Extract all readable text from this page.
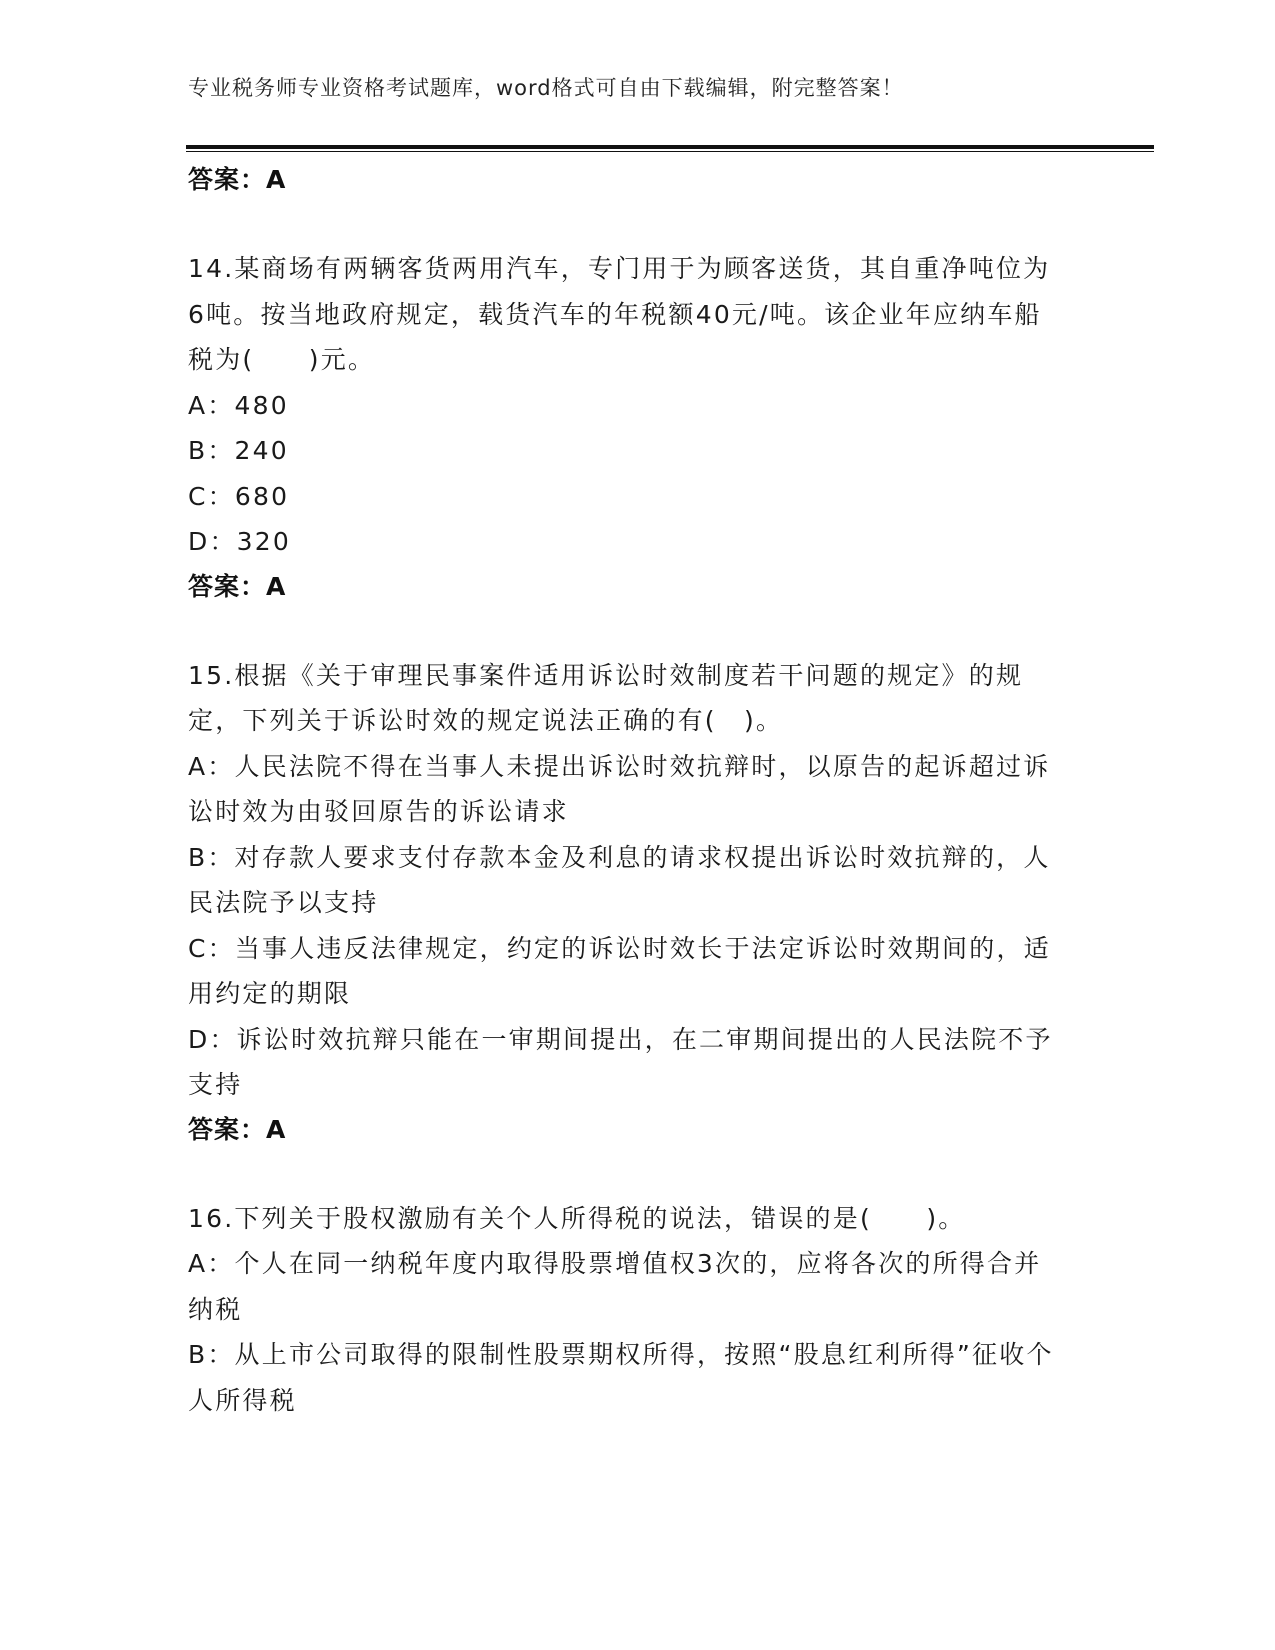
专业税务师专业资格考试题库，word格式可自由下载编辑，附完整答案！
答案：A
14.某商场有两辆客货两用汽车，专门用于为顾客送货，其自重净吨位为6吨。按当地政府规定，载货汽车的年税额40元/吨。该企业年应纳车船税为(　　)元。
A：480
B：240
C：680
D：320
答案：A
15.根据《关于审理民事案件适用诉讼时效制度若干问题的规定》的规定，下列关于诉讼时效的规定说法正确的有(　)。
A：人民法院不得在当事人未提出诉讼时效抗辩时，以原告的起诉超过诉讼时效为由驳回原告的诉讼请求
B：对存款人要求支付存款本金及利息的请求权提出诉讼时效抗辩的，人民法院予以支持
C：当事人违反法律规定，约定的诉讼时效长于法定诉讼时效期间的，适用约定的期限
D：诉讼时效抗辩只能在一审期间提出，在二审期间提出的人民法院不予支持
答案：A
16.下列关于股权激励有关个人所得税的说法，错误的是(　　)。
A：个人在同一纳税年度内取得股票增值权3次的，应将各次的所得合并纳税
B：从上市公司取得的限制性股票期权所得，按照“股息红利所得”征收个人所得税
